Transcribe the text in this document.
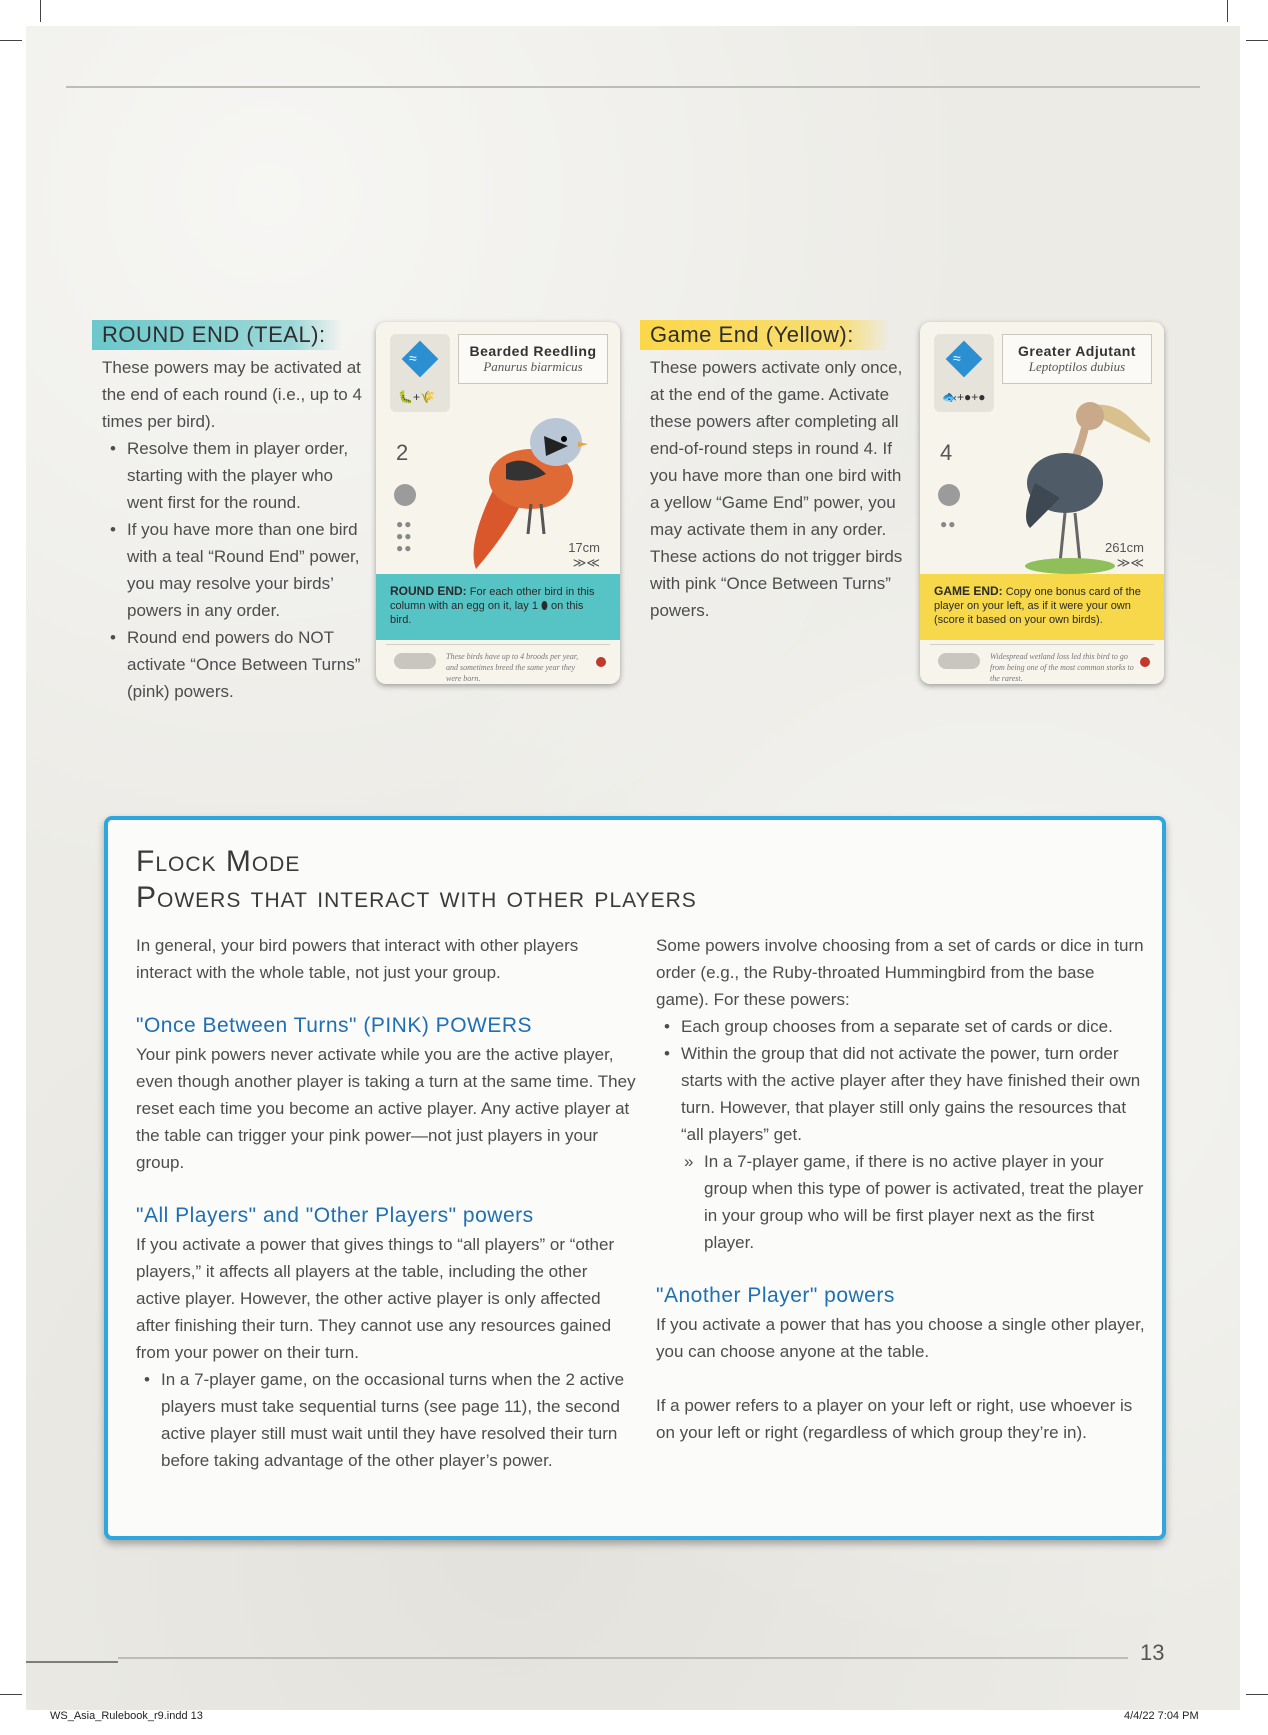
ROUND END (TEAL):

These powers may be activated at the end of each round (i.e., up to 4 times per bird).

• Resolve them in player order, starting with the player who went first for the round.
• If you have more than one bird with a teal “Round End” power, you may resolve your birds’ powers in any order.
• Round end powers do NOT activate “Once Between Turns” (pink) powers.
≈
🐛+🌾
Bearded Reedling
Panurus biarmicus
2
●●
●●
●●	17cm
≫≪
ROUND END: For each other bird in this column with an egg on it, lay 1 ⬮ on this bird.
These birds have up to 4 broods per year, and sometimes breed the same year they were born.
Game End (Yellow):

These powers activate only once, at the end of the game. Activate these powers after completing all end-of-round steps in round 4. If you have more than one bird with a yellow “Game End” power, you may activate them in any order. These actions do not trigger birds with pink “Once Between Turns” powers.

≈
🐟+●+●
Greater Adjutant
Leptoptilos dubius
4
●●
261cm
≫≪
GAME END: Copy one bonus card of the player on your left, as if it were your own (score it based on your own birds).
Widespread wetland loss led this bird to go from being one of the most common storks to the rarest.
Flock Mode
Powers that interact with other players

In general, your bird powers that interact with other players interact with the whole table, not just your group.

"Once Between Turns" (PINK) POWERS

Your pink powers never activate while you are the active player, even though another player is taking a turn at the same time. They reset each time you become an active player. Any active player at the table can trigger your pink power—not just players in your group.

"All Players" and "Other Players" powers

If you activate a power that gives things to “all players” or “other players,” it affects all players at the table, including the other active player. However, the other active player is only affected after finishing their turn. They cannot use any resources gained from your power on their turn.

• In a 7-player game, on the occasional turns when the 2 active players must take sequential turns (see page 11), the second active player still must wait until they have resolved their turn before taking advantage of the other player’s power.

Some powers involve choosing from a set of cards or dice in turn order (e.g., the Ruby-throated Hummingbird from the base game). For these powers:

• Each group chooses from a separate set of cards or dice.
• Within the group that did not activate the power, turn order starts with the active player after they have finished their own turn. However, that player still only gains the resources that “all players” get.
» In a 7-player game, if there is no active player in your group when this type of power is activated, treat the player in your group who will be first player next as the first player.
"Another Player" powers

If you activate a power that has you choose a single other player, you can choose anyone at the table.

If a power refers to a player on your left or right, use whoever is on your left or right (regardless of which group they’re in).

13
WS_Asia_Rulebook_r9.indd 13	4/4/22 7:04 PM
